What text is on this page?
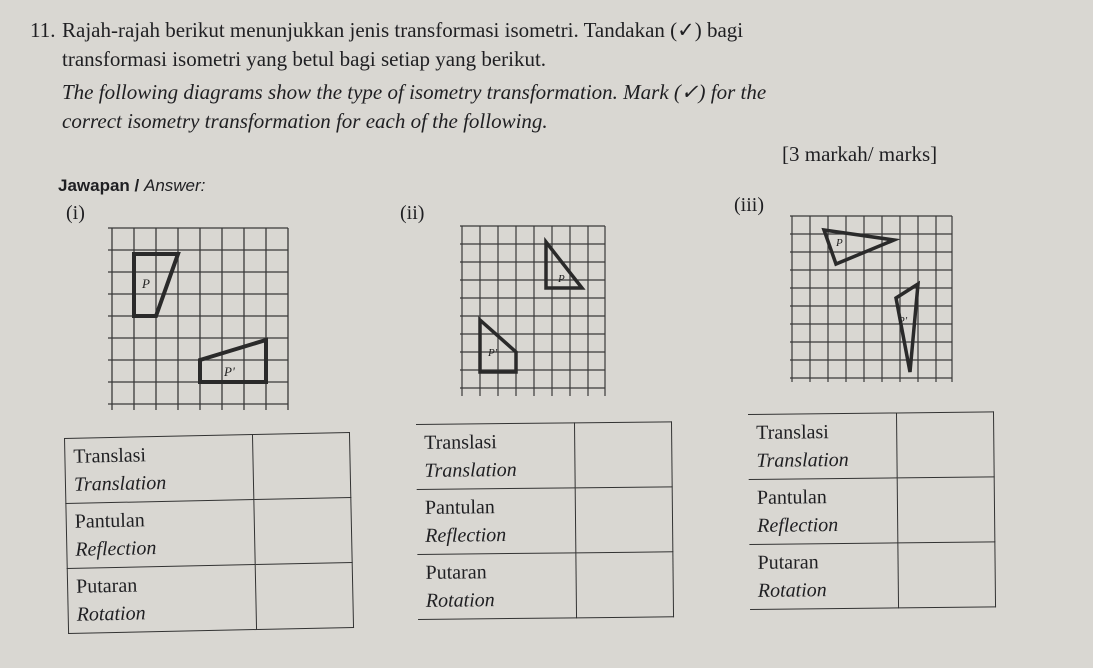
11. Rajah-rajah berikut menunjukkan jenis transformasi isometri. Tandakan (✓) bagi
transformasi isometri yang betul bagi setiap yang berikut.
The following diagrams show the type of isometry transformation. Mark (✓) for the
correct isometry transformation for each of the following.
[3 markah/ marks]
Jawapan / Answer:
(i)	(ii)	(iii)
P
P'
P
P'
P
P'
Translasi
Translation	

Pantulan
Reflection	

Putaran
Rotation	

Translasi
Translation	

Pantulan
Reflection	

Putaran
Rotation	

Translasi
Translation	

Pantulan
Reflection	

Putaran
Rotation	
